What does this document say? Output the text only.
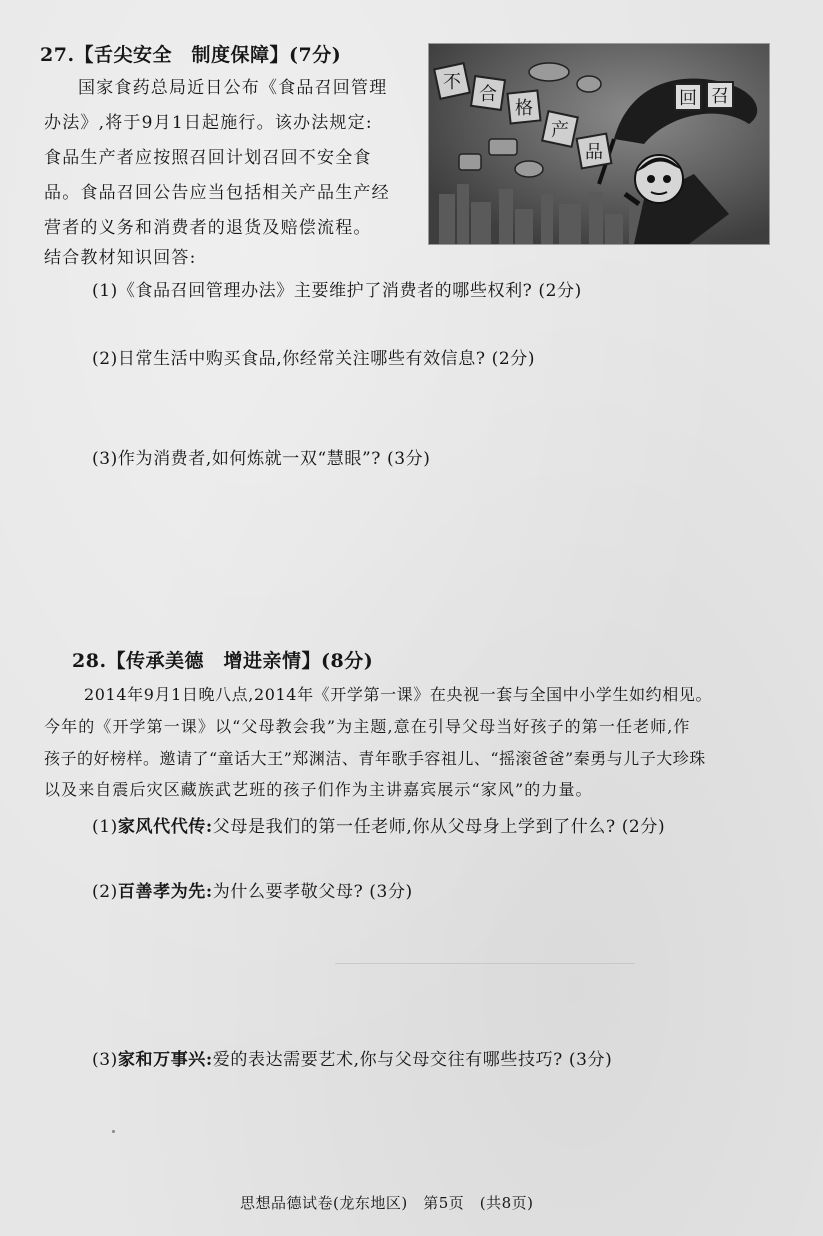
27.【舌尖安全　制度保障】(7分)
国家食药总局近日公布《食品召回管理
办法》,将于9月1日起施行。该办法规定:
食品生产者应按照召回计划召回不安全食
品。食品召回公告应当包括相关产品生产经
营者的义务和消费者的退货及赔偿流程。
结合教材知识回答:
回 召
不
合
格
产
品
(1)《食品召回管理办法》主要维护了消费者的哪些权利? (2分)
(2)日常生活中购买食品,你经常关注哪些有效信息? (2分)
(3)作为消费者,如何炼就一双“慧眼”? (3分)
28.【传承美德　增进亲情】(8分)
2014年9月1日晚八点,2014年《开学第一课》在央视一套与全国中小学生如约相见。
今年的《开学第一课》以“父母教会我”为主题,意在引导父母当好孩子的第一任老师,作
孩子的好榜样。邀请了“童话大王”郑渊洁、青年歌手容祖儿、“摇滚爸爸”秦勇与儿子大珍珠
以及来自震后灾区藏族武艺班的孩子们作为主讲嘉宾展示“家风”的力量。
(1)家风代代传:父母是我们的第一任老师,你从父母身上学到了什么? (2分)
(2)百善孝为先:为什么要孝敬父母? (3分)
(3)家和万事兴:爱的表达需要艺术,你与父母交往有哪些技巧? (3分)
思想品德试卷(龙东地区)　第5页　(共8页)
